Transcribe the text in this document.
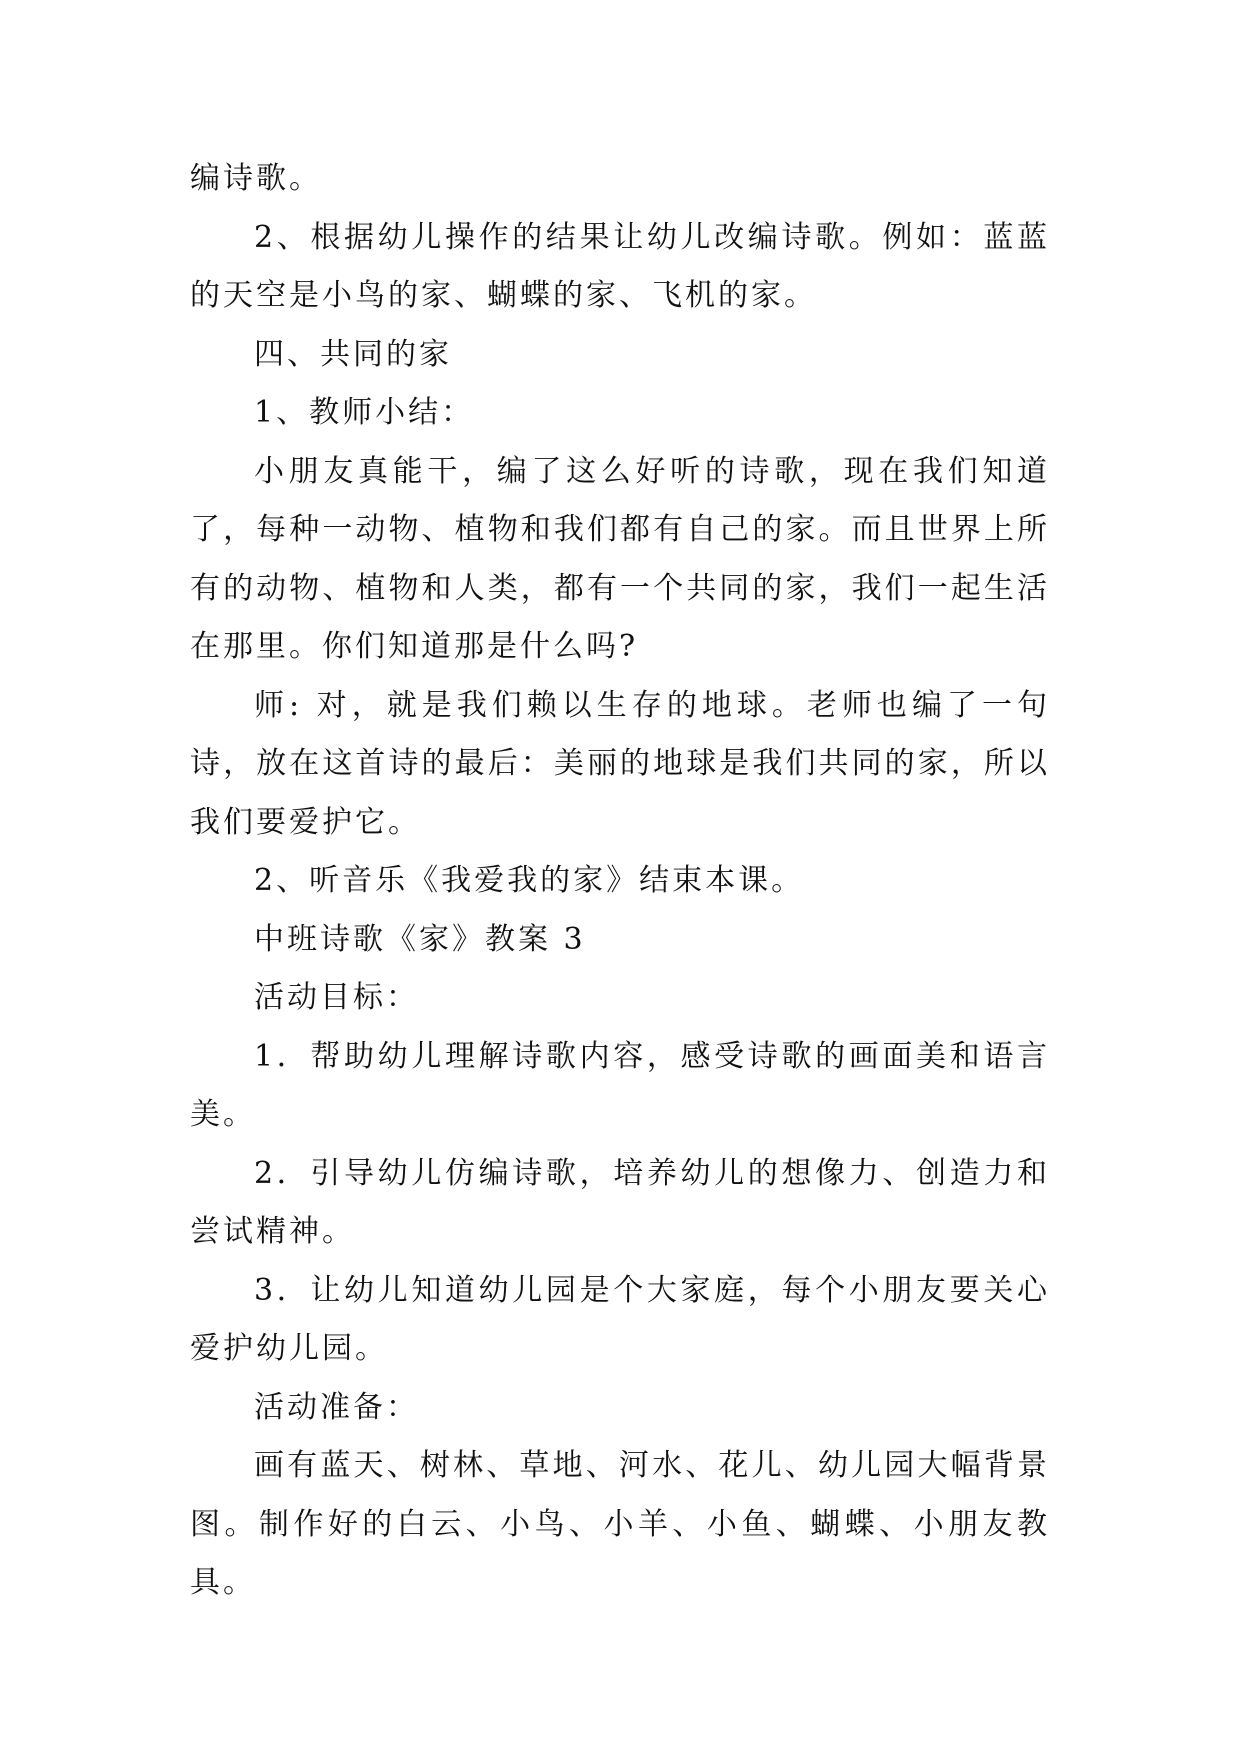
编诗歌。

2、根据幼儿操作的结果让幼儿改编诗歌。例如：蓝蓝的天空是小鸟的家、蝴蝶的家、飞机的家。

四、共同的家

1、教师小结：

小朋友真能干，编了这么好听的诗歌，现在我们知道了，每种一动物、植物和我们都有自己的家。而且世界上所有的动物、植物和人类，都有一个共同的家，我们一起生活在那里。你们知道那是什么吗?

师: 对，就是我们赖以生存的地球。老师也编了一句诗，放在这首诗的最后：美丽的地球是我们共同的家，所以我们要爱护它。

2、听音乐《我爱我的家》结束本课。

中班诗歌《家》教案 3

活动目标：

1．帮助幼儿理解诗歌内容，感受诗歌的画面美和语言美。

2．引导幼儿仿编诗歌，培养幼儿的想像力、创造力和尝试精神。

3．让幼儿知道幼儿园是个大家庭，每个小朋友要关心爱护幼儿园。

活动准备：

画有蓝天、树林、草地、河水、花儿、幼儿园大幅背景图。制作好的白云、小鸟、小羊、小鱼、蝴蝶、小朋友教具。
